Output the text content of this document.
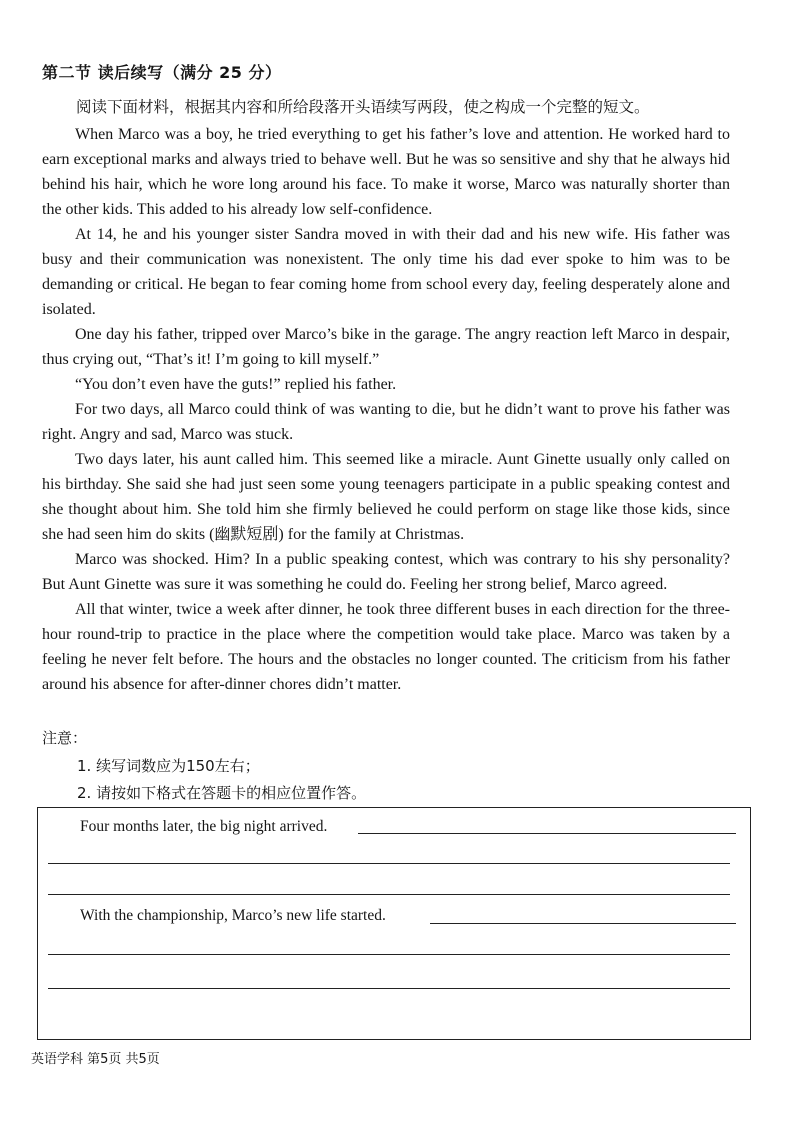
第二节 读后续写（满分 25 分）
阅读下面材料，根据其内容和所给段落开头语续写两段，使之构成一个完整的短文。

When Marco was a boy, he tried everything to get his father’s love and attention. He worked hard to earn exceptional marks and always tried to behave well. But he was so sensitive and shy that he always hid behind his hair, which he wore long around his face. To make it worse, Marco was naturally shorter than the other kids. This added to his already low self-confidence.

At 14, he and his younger sister Sandra moved in with their dad and his new wife. His father was busy and their communication was nonexistent. The only time his dad ever spoke to him was to be demanding or critical. He began to fear coming home from school every day, feeling desperately alone and isolated.

One day his father, tripped over Marco’s bike in the garage. The angry reaction left Marco in despair, thus crying out, “That’s it! I’m going to kill myself.”

“You don’t even have the guts!” replied his father.

For two days, all Marco could think of was wanting to die, but he didn’t want to prove his father was right. Angry and sad, Marco was stuck.

Two days later, his aunt called him. This seemed like a miracle. Aunt Ginette usually only called on his birthday. She said she had just seen some young teenagers participate in a public speaking contest and she thought about him. She told him she firmly believed he could perform on stage like those kids, since she had seen him do skits (幽默短剧) for the family at Christmas.

Marco was shocked. Him? In a public speaking contest, which was contrary to his shy personality? But Aunt Ginette was sure it was something he could do. Feeling her strong belief, Marco agreed.

All that winter, twice a week after dinner, he took three different buses in each direction for the three-hour round-trip to practice in the place where the competition would take place. Marco was taken by a feeling he never felt before. The hours and the obstacles no longer counted. The criticism from his father around his absence for after-dinner chores didn’t matter.

注意：
1. 续写词数应为150左右；
2. 请按如下格式在答题卡的相应位置作答。
Four months later, the big night arrived.
With the championship, Marco’s new life started.
英语学科 第5页 共5页
